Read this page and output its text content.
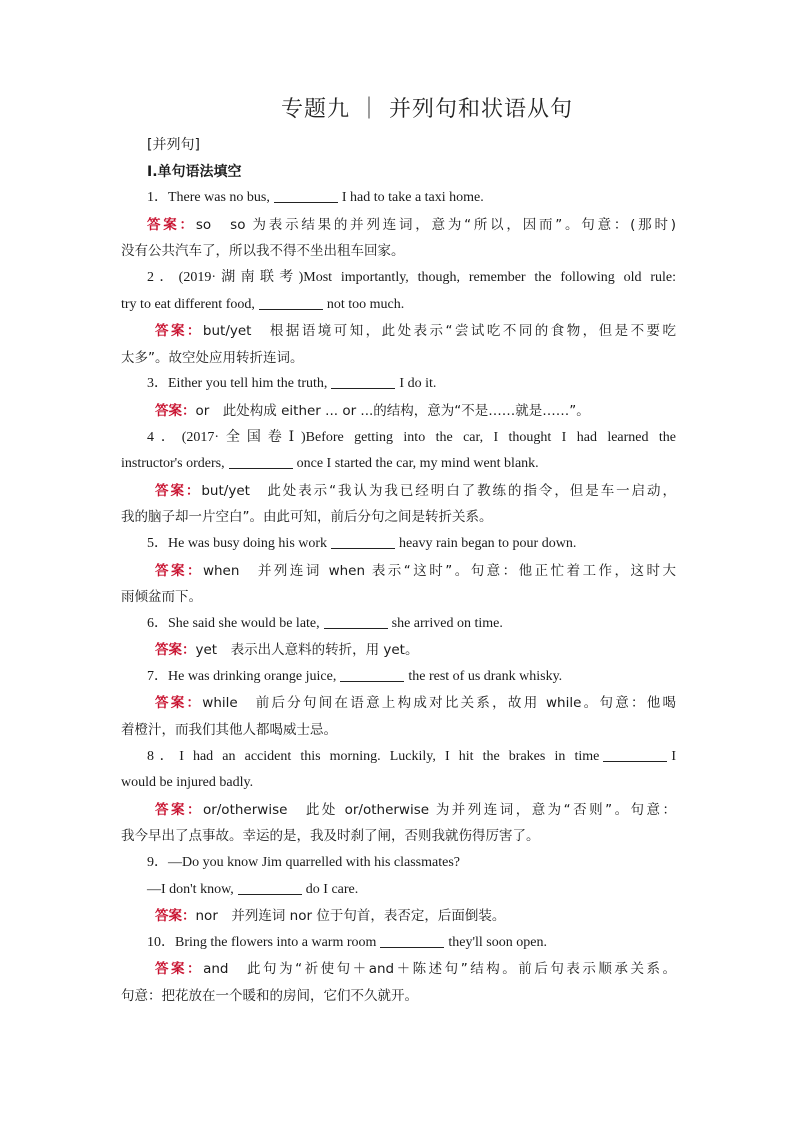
专题九 ｜ 并列句和状语从句
[并列句]
Ⅰ.单句语法填空
1．There was no bus,	I had to take a taxi home.
答案：so　so 为表示结果的并列连词，意为“所以，因而”。句意：(那时)
没有公共汽车了，所以我不得不坐出租车回家。
2．(2019·湖南联考)Most importantly, though, remember the following old rule:
try to eat different food,	not too much.
答案：but/yet　根据语境可知，此处表示“尝试吃不同的食物，但是不要吃
太多”。故空处应用转折连词。
3．Either you tell him the truth,	I do it.
答案：or　此处构成 either ... or ...的结构，意为“不是……就是……”。
4．(2017·全国卷Ⅰ)Before getting into the car, I thought I had learned the
instructor's orders,	once I started the car, my mind went blank.
答案：but/yet　此处表示“我认为我已经明白了教练的指令，但是车一启动，
我的脑子却一片空白”。由此可知，前后分句之间是转折关系。
5．He was busy doing his work	heavy rain began to pour down.
答案：when　并列连词 when 表示“这时”。句意：他正忙着工作，这时大
雨倾盆而下。
6．She said she would be late,	she arrived on time.
答案：yet　表示出人意料的转折，用 yet。
7．He was drinking orange juice,	the rest of us drank whisky.
答案：while　前后分句间在语意上构成对比关系，故用 while。句意：他喝
着橙汁，而我们其他人都喝威士忌。
8．I had an accident this morning. Luckily, I hit the brakes in time	I
would be injured badly.
答案：or/otherwise　此处 or/otherwise 为并列连词，意为“否则”。句意：
我今早出了点事故。幸运的是，我及时刹了闸，否则我就伤得厉害了。
9．—Do you know Jim quarrelled with his classmates?
—I don't know,	do I care.
答案：nor　并列连词 nor 位于句首，表否定，后面倒装。
10．Bring the flowers into a warm room	they'll soon open.
答案：and　此句为“祈使句＋and＋陈述句”结构。前后句表示顺承关系。
句意：把花放在一个暖和的房间，它们不久就开。
